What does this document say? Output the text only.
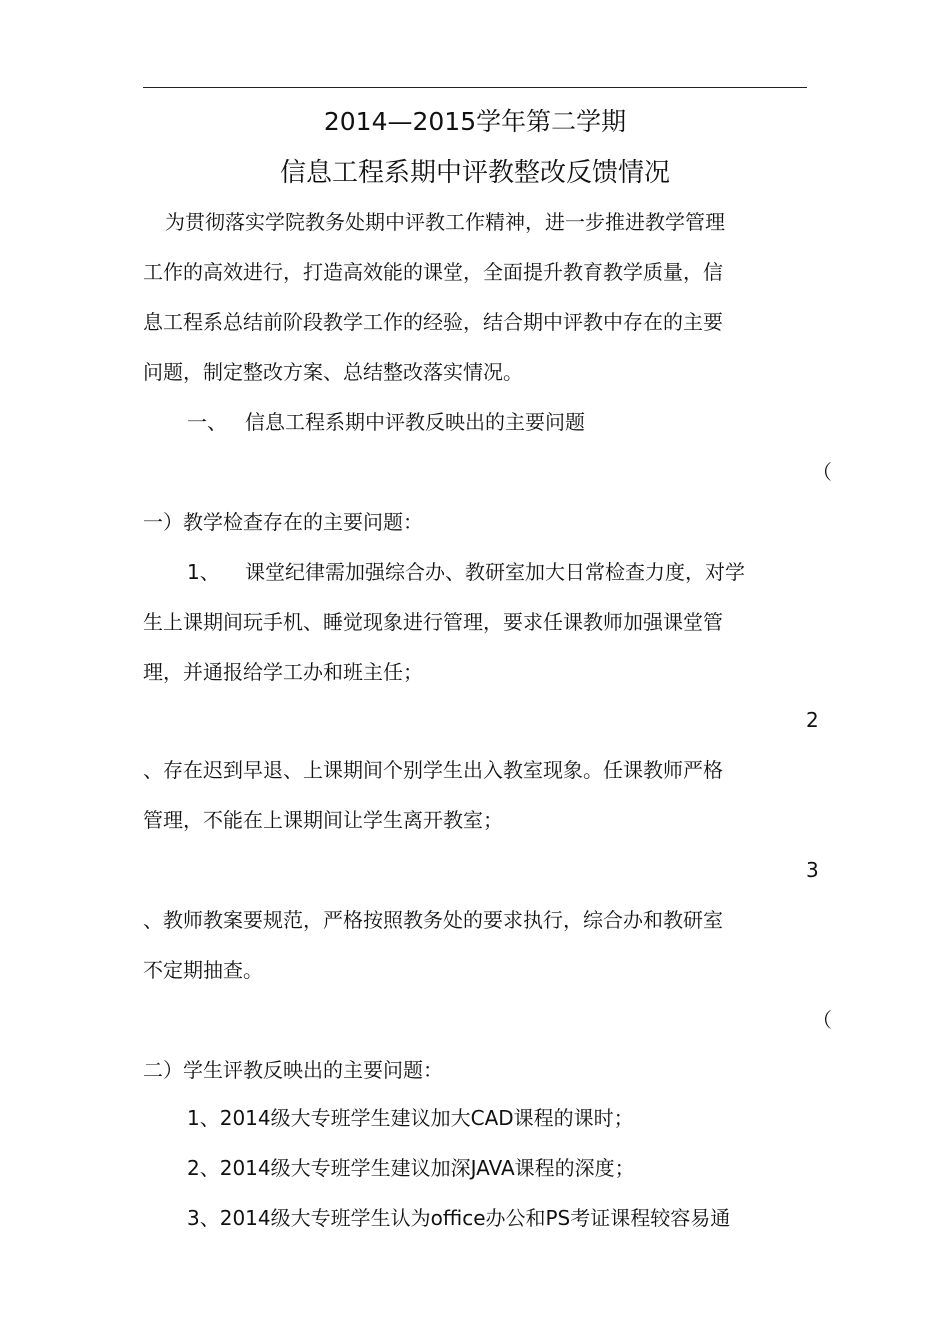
2014—2015学年第二学期
信息工程系期中评教整改反馈情况
为贯彻落实学院教务处期中评教工作精神，进一步推进教学管理
工作的高效进行，打造高效能的课堂，全面提升教育教学质量，信
息工程系总结前阶段教学工作的经验，结合期中评教中存在的主要
问题，制定整改方案、总结整改落实情况。
一、 信息工程系期中评教反映出的主要问题
（
一）教学检查存在的主要问题：
1、 课堂纪律需加强综合办、教研室加大日常检查力度，对学
生上课期间玩手机、睡觉现象进行管理，要求任课教师加强课堂管
理，并通报给学工办和班主任；
2
、存在迟到早退、上课期间个别学生出入教室现象。任课教师严格
管理，不能在上课期间让学生离开教室；
3
、教师教案要规范，严格按照教务处的要求执行，综合办和教研室
不定期抽查。
（
二）学生评教反映出的主要问题：
1、2014级大专班学生建议加大CAD课程的课时；
2、2014级大专班学生建议加深JAVA课程的深度；
3、2014级大专班学生认为office办公和PS考证课程较容易通
